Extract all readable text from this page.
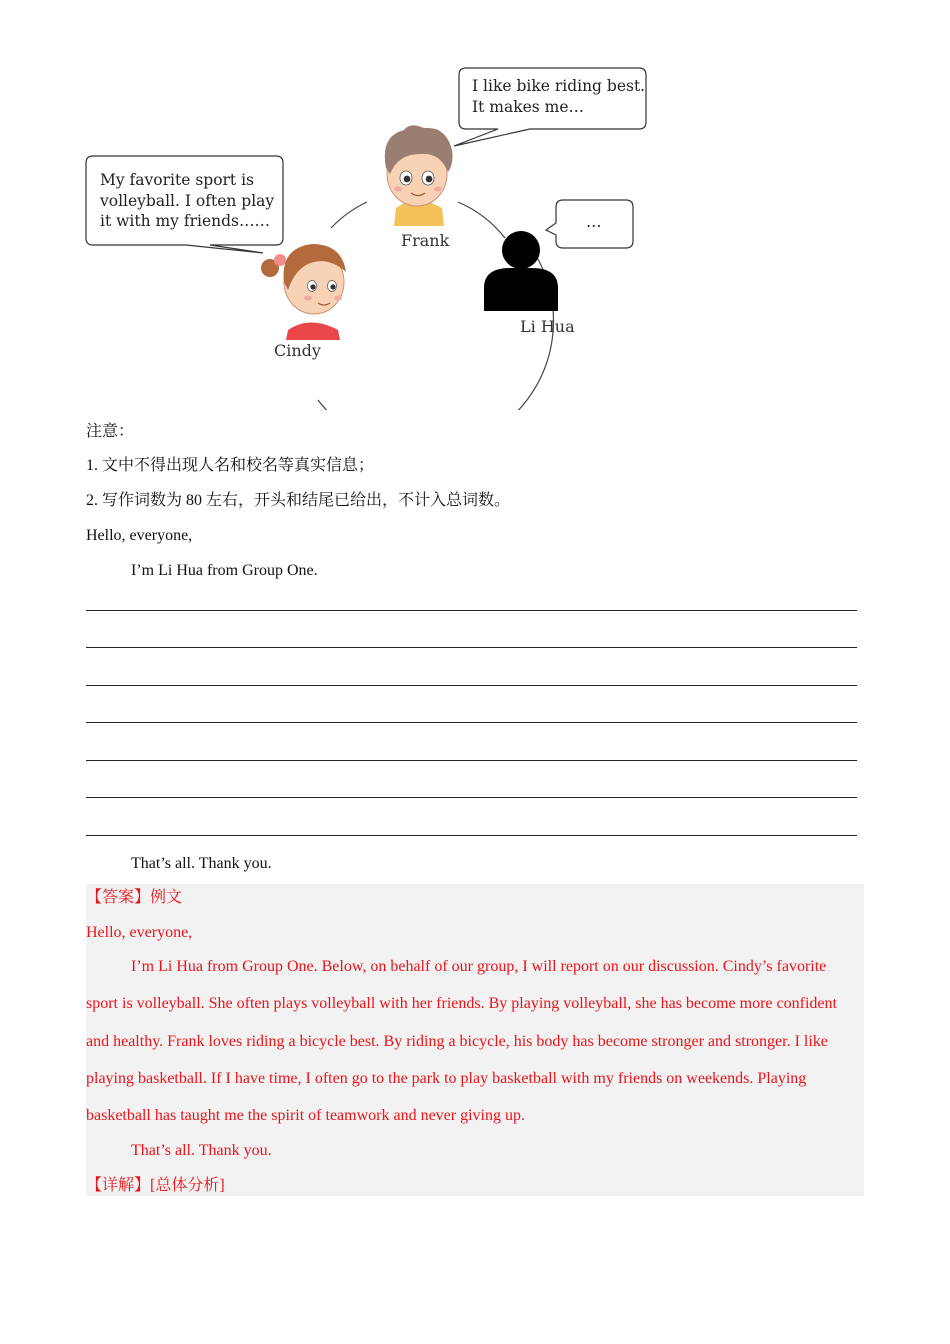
I like bike riding best.
It makes me…
My favorite sport is
volleyball. I often play
it with my friends……	…
Frank
Cindy
Li Hua
注意：
1. 文中不得出现人名和校名等真实信息；
2. 写作词数为 80 左右，开头和结尾已给出，不计入总词数。
Hello, everyone,
I’m Li Hua from Group One.
That’s all. Thank you.
【答案】例文
Hello, everyone,
I’m Li Hua from Group One. Below, on behalf of our group, I will report on our discussion. Cindy’s favorite sport is volleyball. She often plays volleyball with her friends. By playing volleyball, she has become more confident and healthy. Frank loves riding a bicycle best. By riding a bicycle, his body has become stronger and stronger. I like playing basketball. If I have time, I often go to the park to play basketball with my friends on weekends. Playing basketball has taught me the spirit of teamwork and never giving up.
That’s all. Thank you.
【详解】[总体分析]
